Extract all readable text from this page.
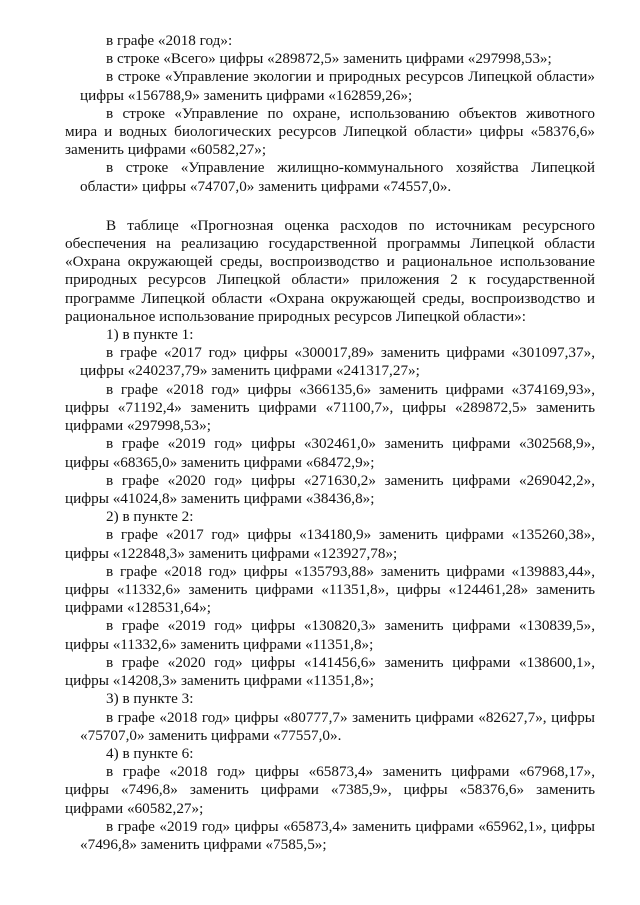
в графе «2018 год»:
в строке «Всего» цифры «289872,5» заменить цифрами «297998,53»;
в строке «Управление экологии и природных ресурсов Липецкой области»
цифры «156788,9» заменить цифрами «162859,26»;
в строке «Управление по охране, использованию объектов животного
мира и водных биологических ресурсов Липецкой области» цифры «58376,6»
заменить цифрами «60582,27»;
в строке «Управление жилищно-коммунального хозяйства Липецкой
области» цифры «74707,0» заменить цифрами «74557,0».
В таблице «Прогнозная оценка расходов по источникам ресурсного
обеспечения на реализацию государственной программы Липецкой области
«Охрана окружающей среды, воспроизводство и рациональное использование
природных ресурсов Липецкой области» приложения 2 к государственной
программе Липецкой области «Охрана окружающей среды, воспроизводство и
рациональное использование природных ресурсов Липецкой области»:
1) в пункте 1:
в графе «2017 год» цифры «300017,89» заменить цифрами «301097,37»,
цифры «240237,79» заменить цифрами «241317,27»;
в графе «2018 год» цифры «366135,6» заменить цифрами «374169,93»,
цифры «71192,4» заменить цифрами «71100,7», цифры «289872,5» заменить
цифрами «297998,53»;
в графе «2019 год» цифры «302461,0» заменить цифрами «302568,9»,
цифры «68365,0» заменить цифрами «68472,9»;
в графе «2020 год» цифры «271630,2» заменить цифрами «269042,2»,
цифры «41024,8» заменить цифрами «38436,8»;
2) в пункте 2:
в графе «2017 год» цифры «134180,9» заменить цифрами «135260,38»,
цифры «122848,3» заменить цифрами «123927,78»;
в графе «2018 год» цифры «135793,88» заменить цифрами «139883,44»,
цифры «11332,6» заменить цифрами «11351,8», цифры «124461,28» заменить
цифрами «128531,64»;
в графе «2019 год» цифры «130820,3» заменить цифрами «130839,5»,
цифры «11332,6» заменить цифрами «11351,8»;
в графе «2020 год» цифры «141456,6» заменить цифрами «138600,1»,
цифры «14208,3» заменить цифрами «11351,8»;
3) в пункте 3:
в графе «2018 год» цифры «80777,7» заменить цифрами «82627,7», цифры
«75707,0» заменить цифрами «77557,0».
4) в пункте 6:
в графе «2018 год» цифры «65873,4» заменить цифрами «67968,17»,
цифры «7496,8» заменить цифрами «7385,9», цифры «58376,6» заменить
цифрами «60582,27»;
в графе «2019 год» цифры «65873,4» заменить цифрами «65962,1», цифры
«7496,8» заменить цифрами «7585,5»;
